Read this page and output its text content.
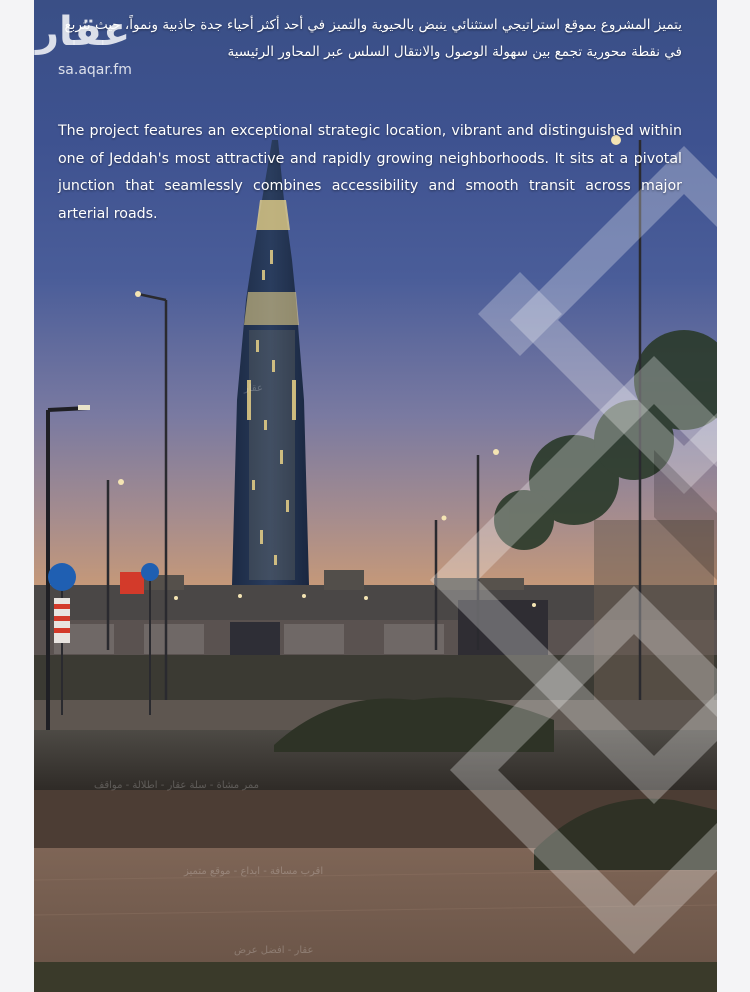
عقار
ممر مشاة - سلة عقار - اطلالة - مواقف
اقرب مسافة - ابداع - موقع متميز
عقار - افضل عرض
يتميز المشروع بموقع استراتيجي استثنائي ينبض بالحيوية والتميز في أحد أكثر أحياء جدة جاذبية ونمواً، حيث يتربع في نقطة محورية تجمع بين سهولة الوصول والانتقال السلس عبر المحاور الرئيسية
The project features an exceptional strategic location, vibrant and distinguished within one of Jeddah's most attractive and rapidly growing neighborhoods. It sits at a pivotal junction that seamlessly combines accessibility and smooth transit across major arterial roads.
عقار
sa.aqar.fm
